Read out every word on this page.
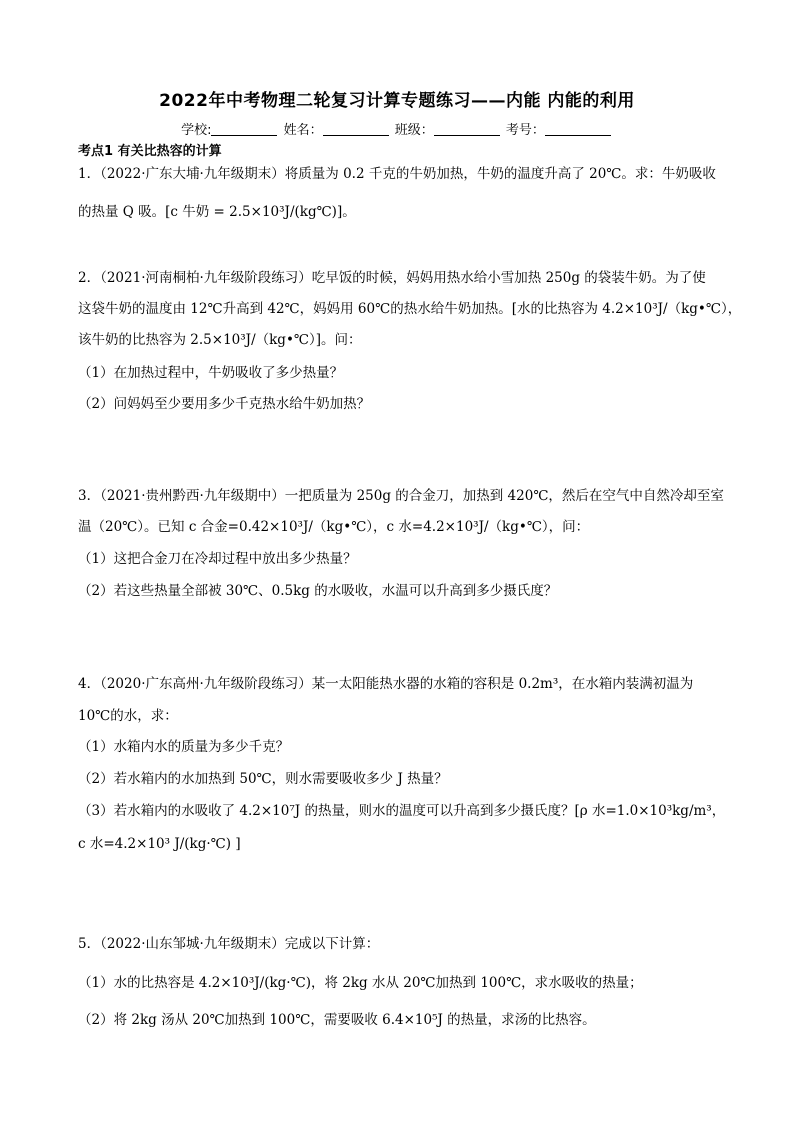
2022年中考物理二轮复习计算专题练习——内能 内能的利用
学校:	姓名：	班级：	考号：
考点1 有关比热容的计算
1．（2022·广东大埔·九年级期末）将质量为 0.2 千克的牛奶加热，牛奶的温度升高了 20℃。求：牛奶吸收
的热量 Q 吸。[c 牛奶 = 2.5×10³J/(kg℃)]。
2．（2021·河南桐柏·九年级阶段练习）吃早饭的时候，妈妈用热水给小雪加热 250g 的袋装牛奶。为了使
这袋牛奶的温度由 12℃升高到 42℃，妈妈用 60℃的热水给牛奶加热。[水的比热容为 4.2×10³J/（kg•℃），
该牛奶的比热容为 2.5×10³J/（kg•℃）]。问：
（1）在加热过程中，牛奶吸收了多少热量？
（2）问妈妈至少要用多少千克热水给牛奶加热？
3．（2021·贵州黔西·九年级期中）一把质量为 250g 的合金刀，加热到 420℃，然后在空气中自然冷却至室
温（20℃）。已知 c 合金=0.42×10³J/（kg•℃），c 水=4.2×10³J/（kg•℃），问：
（1）这把合金刀在冷却过程中放出多少热量？
（2）若这些热量全部被 30℃、0.5kg 的水吸收，水温可以升高到多少摄氏度？
4．（2020·广东高州·九年级阶段练习）某一太阳能热水器的水箱的容积是 0.2m³，在水箱内装满初温为
10℃的水，求：
（1）水箱内水的质量为多少千克？
（2）若水箱内的水加热到 50℃，则水需要吸收多少 J 热量？
（3）若水箱内的水吸收了 4.2×10⁷J 的热量，则水的温度可以升高到多少摄氏度？[ρ 水=1.0×10³kg/m³，
c 水=4.2×10³ J/(kg·℃) ]
5．（2022·山东邹城·九年级期末）完成以下计算：
（1）水的比热容是 4.2×10³J/(kg·℃)，将 2kg 水从 20℃加热到 100℃，求水吸收的热量；
（2）将 2kg 汤从 20℃加热到 100℃，需要吸收 6.4×10⁵J 的热量，求汤的比热容。
